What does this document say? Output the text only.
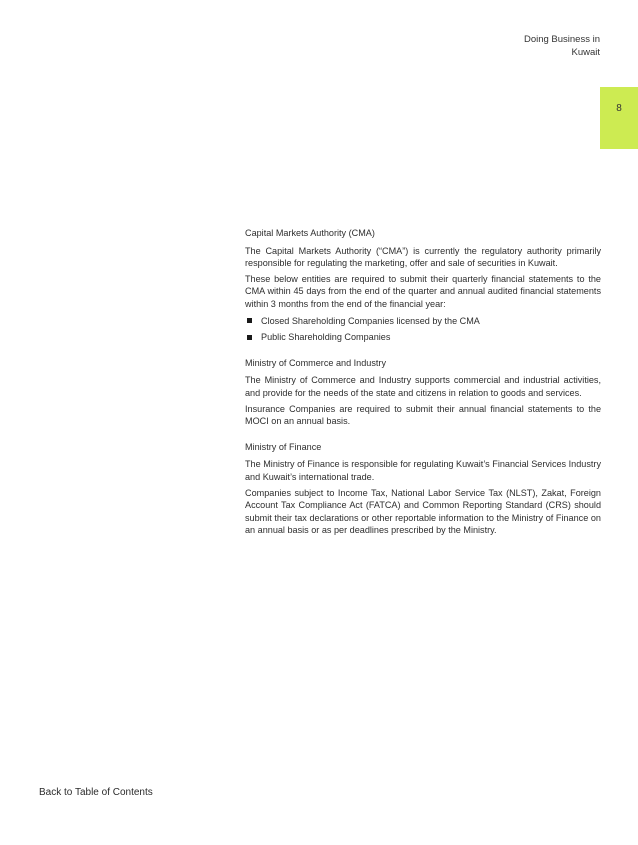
Doing Business in
Kuwait
8
Capital Markets Authority (CMA)

The Capital Markets Authority (“CMA”) is currently the regulatory authority primarily responsible for regulating the marketing, offer and sale of securities in Kuwait.

These below entities are required to submit their quarterly financial statements to the CMA within 45 days from the end of the quarter and annual audited financial statements within 3 months from the end of the financial year:

Closed Shareholding Companies licensed by the CMA
Public Shareholding Companies
Ministry of Commerce and Industry

The Ministry of Commerce and Industry supports commercial and industrial activities, and provide for the needs of the state and citizens in relation to goods and services.

Insurance Companies are required to submit their annual financial statements to the MOCI on an annual basis.

Ministry of Finance

The Ministry of Finance is responsible for regulating Kuwait’s Financial Services Industry and Kuwait’s international trade.

Companies subject to Income Tax, National Labor Service Tax (NLST), Zakat, Foreign Account Tax Compliance Act (FATCA) and Common Reporting Standard (CRS) should submit their tax declarations or other reportable information to the Ministry of Finance on an annual basis or as per deadlines prescribed by the Ministry.

Back to Table of Contents
